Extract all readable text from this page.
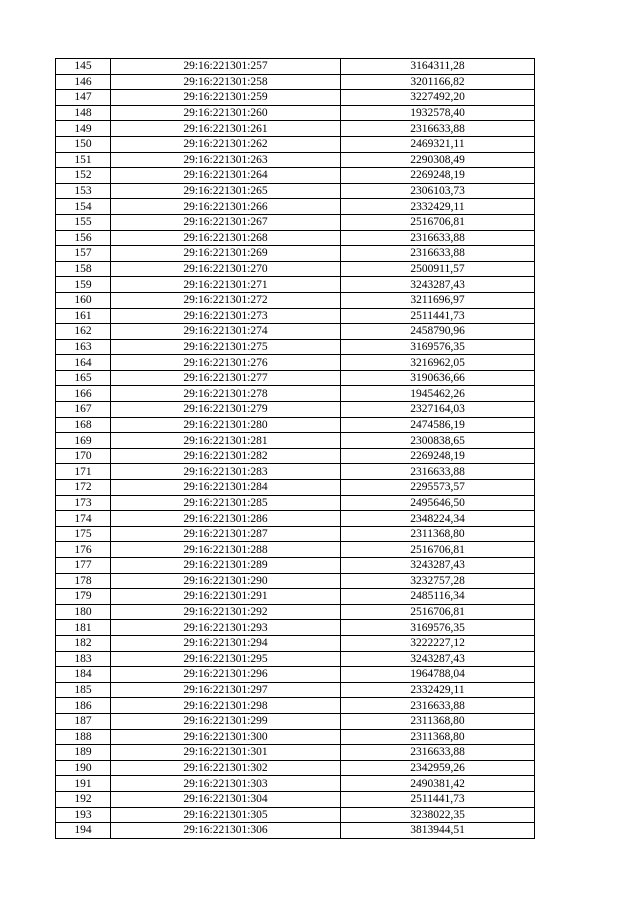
145	29:16:221301:257	3164311,28
146	29:16:221301:258	3201166,82
147	29:16:221301:259	3227492,20
148	29:16:221301:260	1932578,40
149	29:16:221301:261	2316633,88
150	29:16:221301:262	2469321,11
151	29:16:221301:263	2290308,49
152	29:16:221301:264	2269248,19
153	29:16:221301:265	2306103,73
154	29:16:221301:266	2332429,11
155	29:16:221301:267	2516706,81
156	29:16:221301:268	2316633,88
157	29:16:221301:269	2316633,88
158	29:16:221301:270	2500911,57
159	29:16:221301:271	3243287,43
160	29:16:221301:272	3211696,97
161	29:16:221301:273	2511441,73
162	29:16:221301:274	2458790,96
163	29:16:221301:275	3169576,35
164	29:16:221301:276	3216962,05
165	29:16:221301:277	3190636,66
166	29:16:221301:278	1945462,26
167	29:16:221301:279	2327164,03
168	29:16:221301:280	2474586,19
169	29:16:221301:281	2300838,65
170	29:16:221301:282	2269248,19
171	29:16:221301:283	2316633,88
172	29:16:221301:284	2295573,57
173	29:16:221301:285	2495646,50
174	29:16:221301:286	2348224,34
175	29:16:221301:287	2311368,80
176	29:16:221301:288	2516706,81
177	29:16:221301:289	3243287,43
178	29:16:221301:290	3232757,28
179	29:16:221301:291	2485116,34
180	29:16:221301:292	2516706,81
181	29:16:221301:293	3169576,35
182	29:16:221301:294	3222227,12
183	29:16:221301:295	3243287,43
184	29:16:221301:296	1964788,04
185	29:16:221301:297	2332429,11
186	29:16:221301:298	2316633,88
187	29:16:221301:299	2311368,80
188	29:16:221301:300	2311368,80
189	29:16:221301:301	2316633,88
190	29:16:221301:302	2342959,26
191	29:16:221301:303	2490381,42
192	29:16:221301:304	2511441,73
193	29:16:221301:305	3238022,35
194	29:16:221301:306	3813944,51
